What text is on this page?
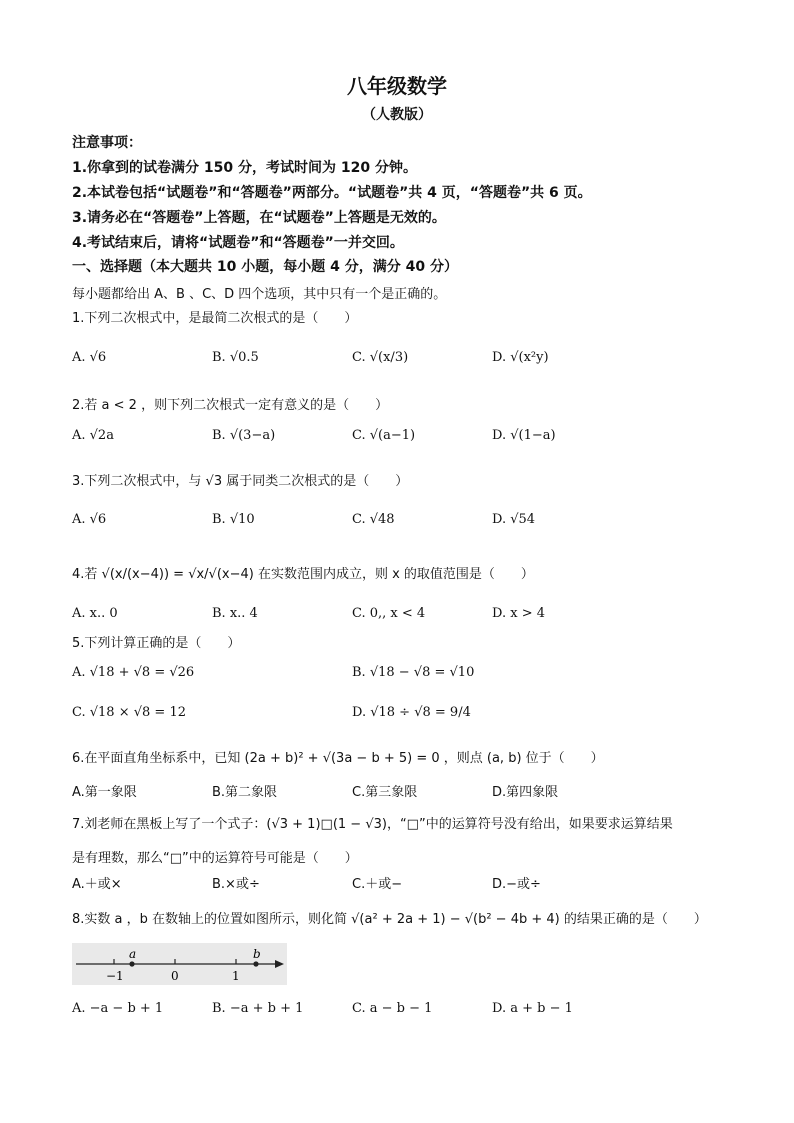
八年级数学
（人教版）
注意事项：
1.你拿到的试卷满分 150 分，考试时间为 120 分钟。
2.本试卷包括“试题卷”和“答题卷”两部分。“试题卷”共 4 页，“答题卷”共 6 页。
3.请务必在“答题卷”上答题，在“试题卷”上答题是无效的。
4.考试结束后，请将“试题卷”和“答题卷”一并交回。
一、选择题（本大题共 10 小题，每小题 4 分，满分 40 分）
每小题都给出 A、B 、C、D 四个选项，其中只有一个是正确的。
1.下列二次根式中，是最简二次根式的是（　　）
A. √6	B. √0.5	C. √(x/3)	D. √(x²y)
2.若 a < 2 ，则下列二次根式一定有意义的是（　　）
A. √2a	B. √(3−a)	C. √(a−1)	D. √(1−a)
3.下列二次根式中，与 √3 属于同类二次根式的是（　　）
A. √6	B. √10	C. √48	D. √54
4.若 √(x/(x−4)) = √x/√(x−4) 在实数范围内成立，则 x 的取值范围是（　　）
A. x.. 0	B. x.. 4	C. 0,, x < 4	D. x > 4
5.下列计算正确的是（　　）
A. √18 + √8 = √26	B. √18 − √8 = √10
C. √18 × √8 = 12	D. √18 ÷ √8 = 9/4
6.在平面直角坐标系中，已知 (2a + b)² + √(3a − b + 5) = 0 ，则点 (a, b) 位于（　　）
A.第一象限	B.第二象限	C.第三象限	D.第四象限
7.刘老师在黑板上写了一个式子：(√3 + 1)□(1 − √3)，“□”中的运算符号没有给出，如果要求运算结果
是有理数，那么“□”中的运算符号可能是（　　）
A.＋或×	B.×或÷	C.＋或−	D.−或÷
8.实数 a ，b 在数轴上的位置如图所示，则化简 √(a² + 2a + 1) − √(b² − 4b + 4) 的结果正确的是（　　）
−1	0	1
a	b
A. −a − b + 1	B. −a + b + 1	C. a − b − 1	D. a + b − 1
